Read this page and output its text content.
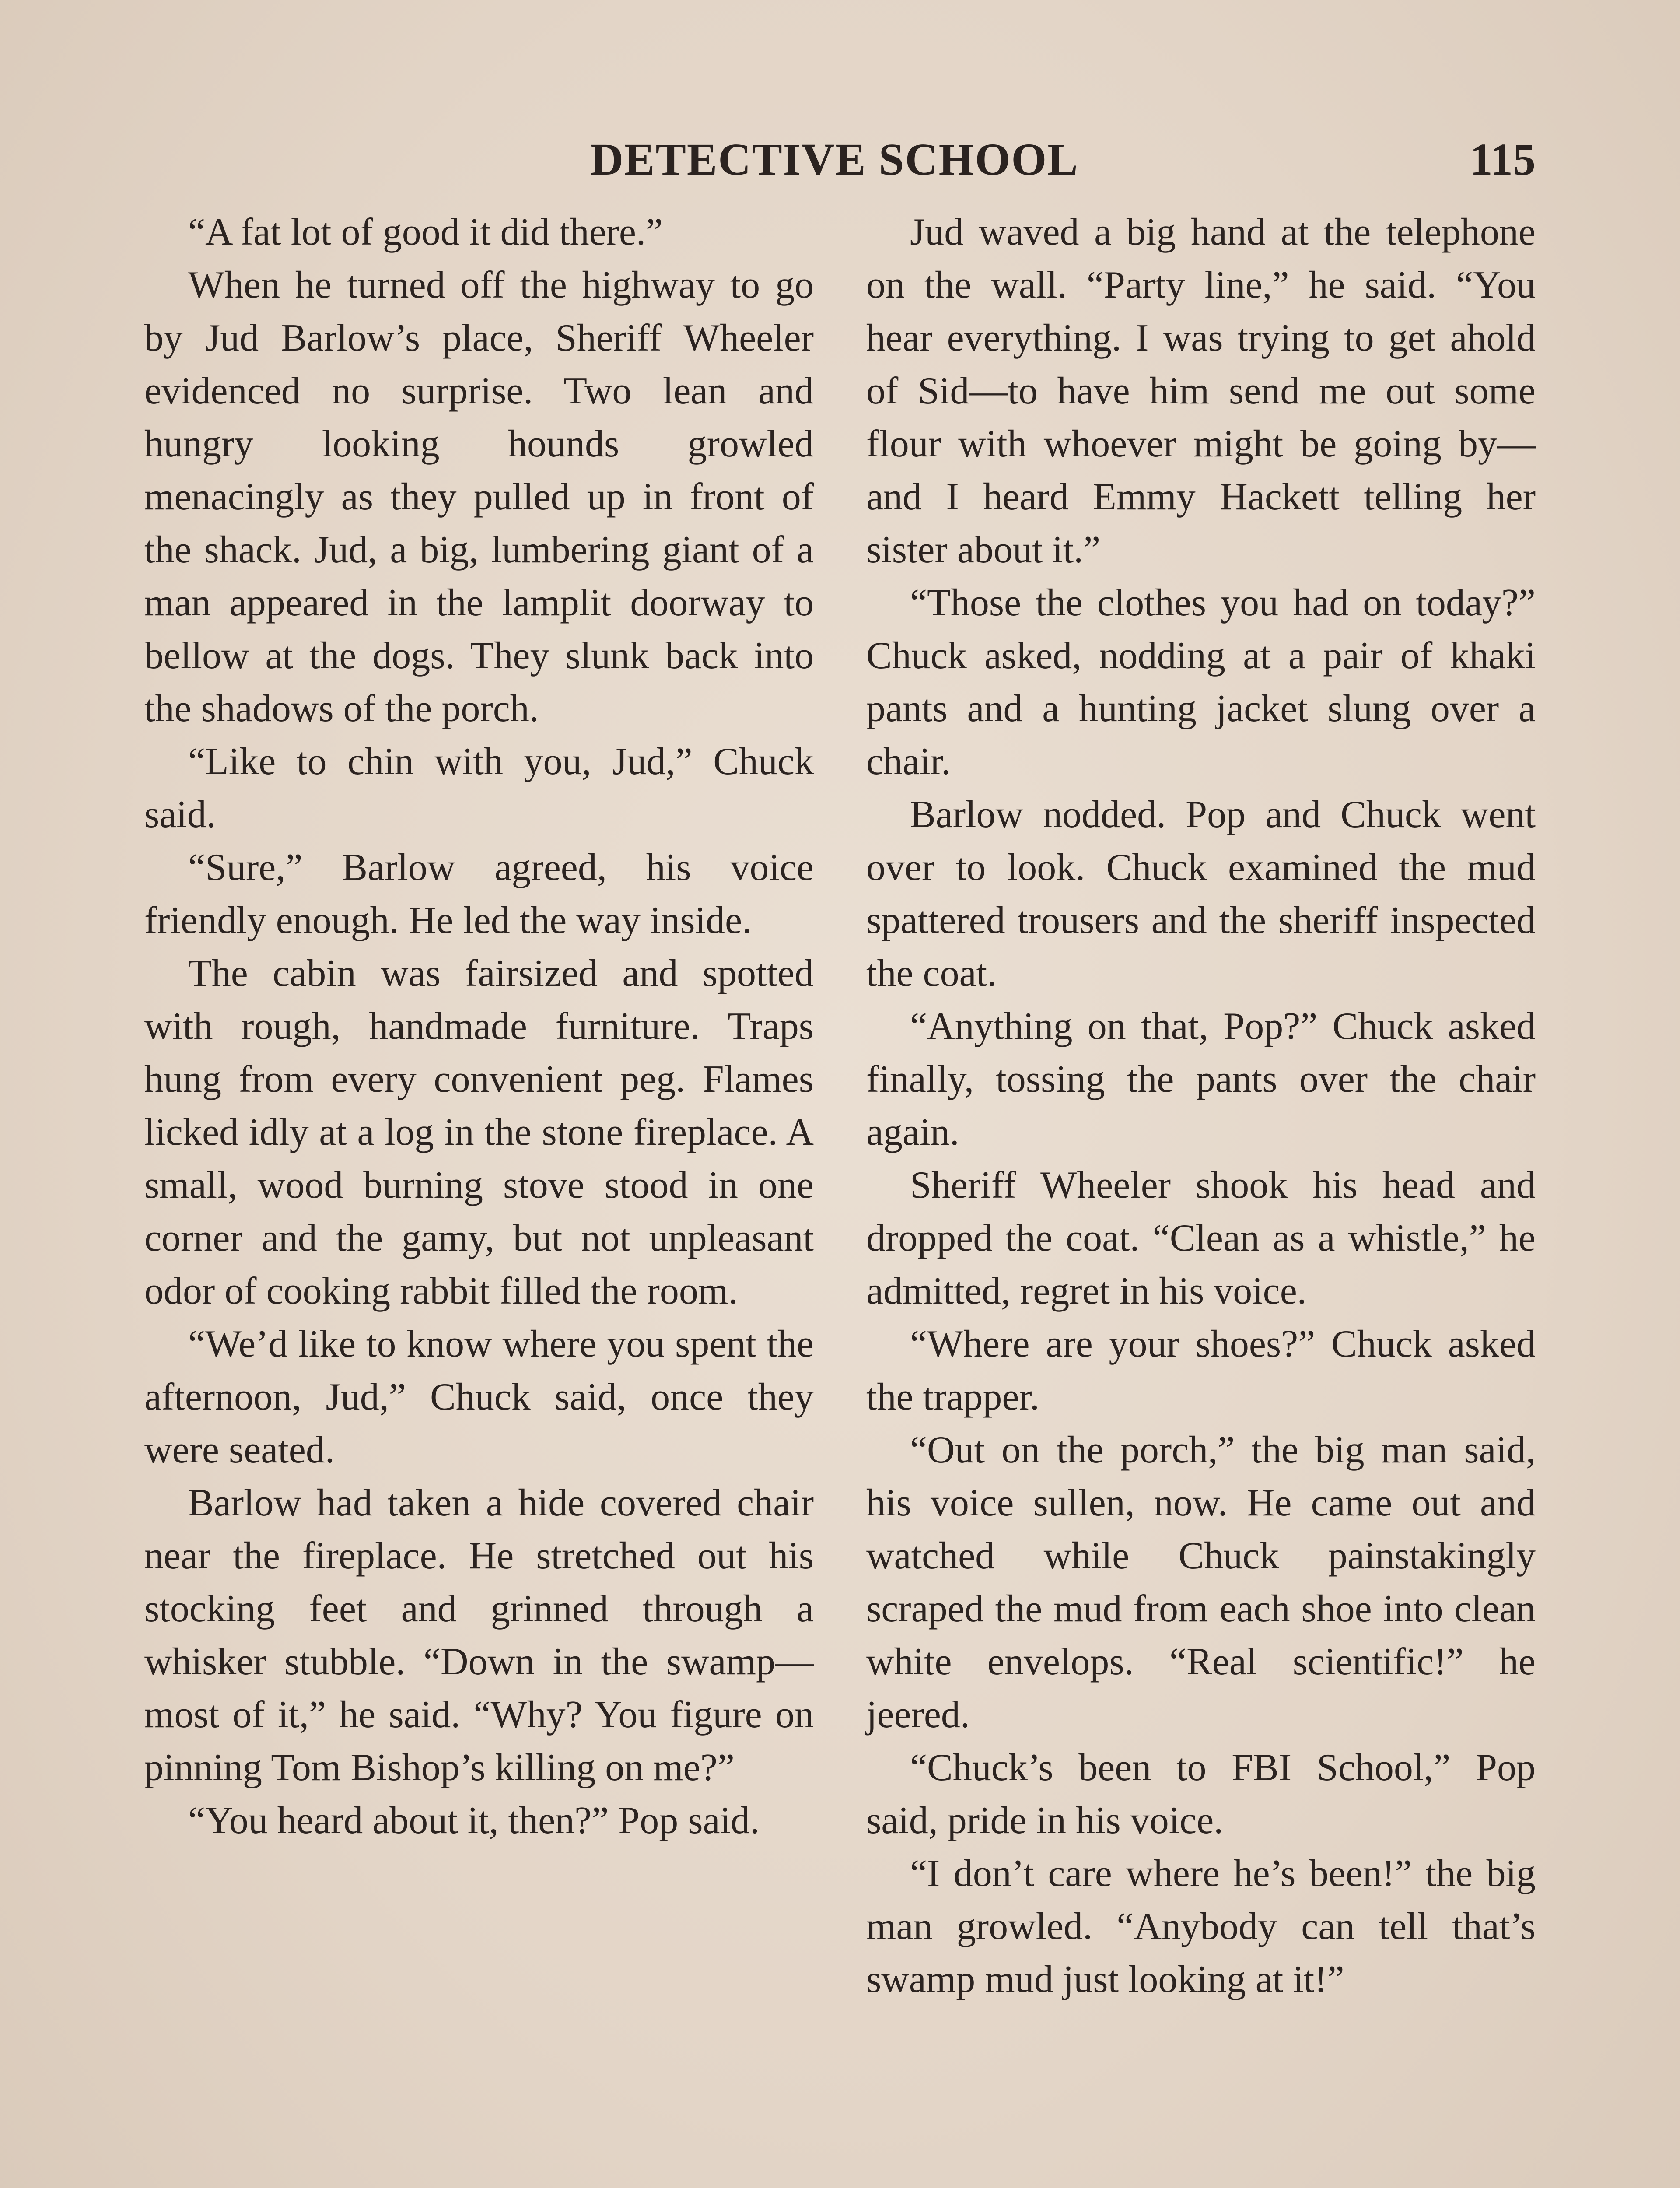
DETECTIVE SCHOOL	115

“A fat lot of good it did there.”

When he turned off the highway to go by Jud Barlow’s place, Sheriff Wheeler evidenced no surprise. Two lean and hungry looking hounds growled menacingly as they pulled up in front of the shack. Jud, a big, lumbering giant of a man appeared in the lamplit doorway to bellow at the dogs. They slunk back into the shadows of the porch.

“Like to chin with you, Jud,” Chuck said.

“Sure,” Barlow agreed, his voice friendly enough. He led the way inside.

The cabin was fairsized and spotted with rough, handmade furniture. Traps hung from every convenient peg. Flames licked idly at a log in the stone fireplace. A small, wood burning stove stood in one corner and the gamy, but not unpleasant odor of cooking rabbit filled the room.

“We’d like to know where you spent the afternoon, Jud,” Chuck said, once they were seated.

Barlow had taken a hide covered chair near the fireplace. He stretched out his stocking feet and grinned through a whisker stubble. “Down in the swamp—most of it,” he said. “Why? You figure on pinning Tom Bishop’s killing on me?”

“You heard about it, then?” Pop said.

Jud waved a big hand at the telephone on the wall. “Party line,” he said. “You hear everything. I was trying to get ahold of Sid—to have him send me out some flour with whoever might be going by—and I heard Emmy Hackett telling her sister about it.”

“Those the clothes you had on today?” Chuck asked, nodding at a pair of khaki pants and a hunting jacket slung over a chair.

Barlow nodded. Pop and Chuck went over to look. Chuck examined the mud spattered trousers and the sheriff inspected the coat.

“Anything on that, Pop?” Chuck asked finally, tossing the pants over the chair again.

Sheriff Wheeler shook his head and dropped the coat. “Clean as a whistle,” he admitted, regret in his voice.

“Where are your shoes?” Chuck asked the trapper.

“Out on the porch,” the big man said, his voice sullen, now. He came out and watched while Chuck painstakingly scraped the mud from each shoe into clean white envelops. “Real scientific!” he jeered.

“Chuck’s been to FBI School,” Pop said, pride in his voice.

“I don’t care where he’s been!” the big man growled. “Anybody can tell that’s swamp mud just looking at it!”
